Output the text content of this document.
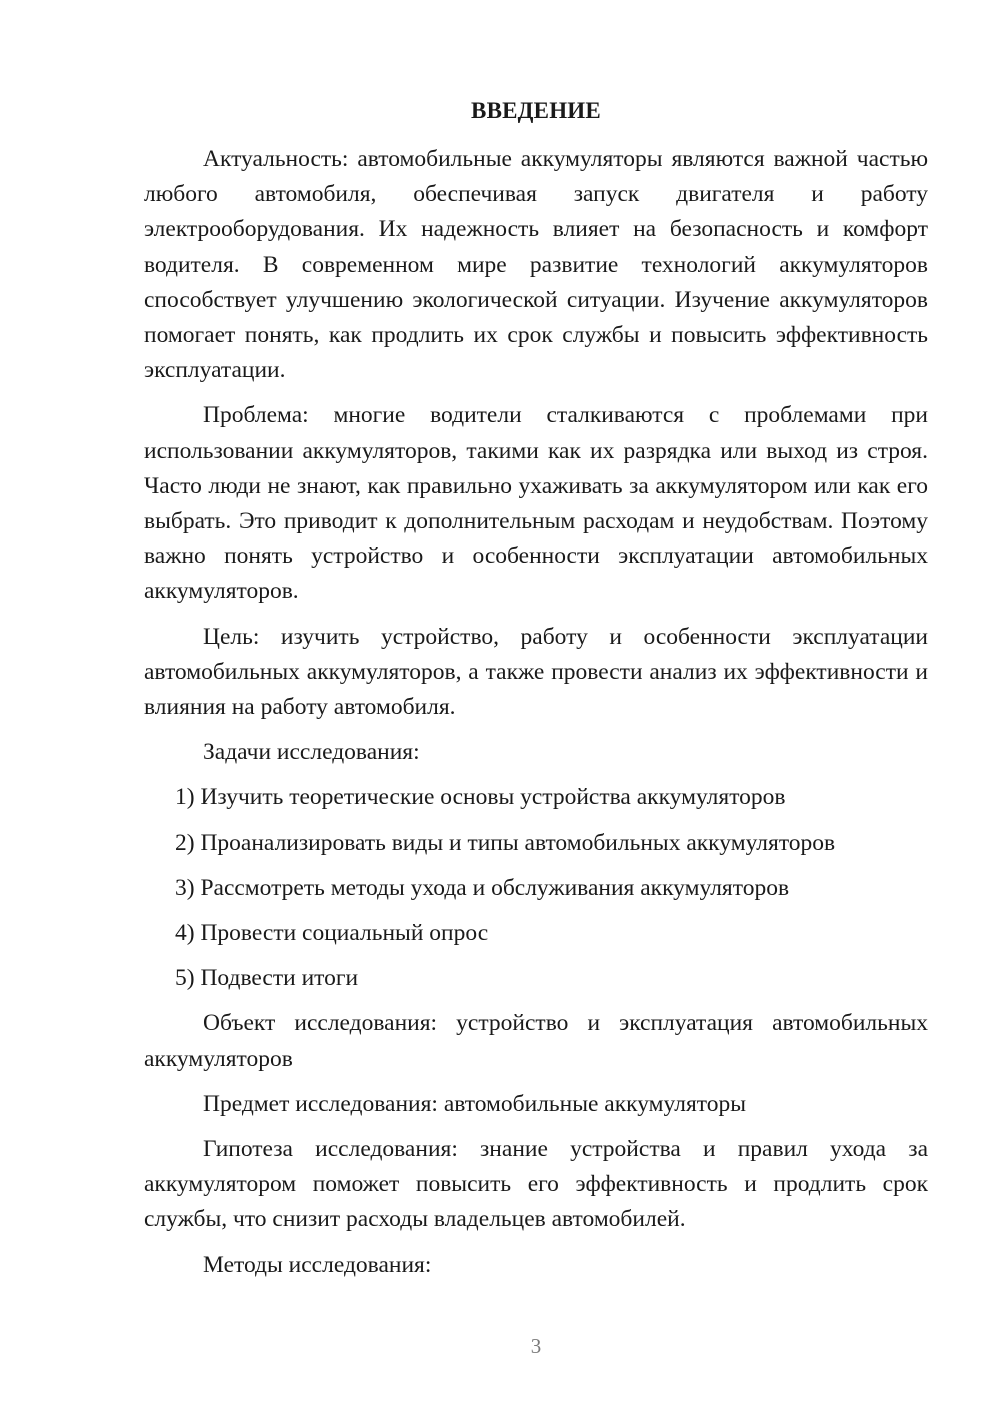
ВВЕДЕНИЕ

Актуальность: автомобильные аккумуляторы являются важной частью любого автомобиля, обеспечивая запуск двигателя и работу электрооборудования. Их надежность влияет на безопасность и комфорт водителя. В современном мире развитие технологий аккумуляторов способствует улучшению экологической ситуации. Изучение аккумуляторов помогает понять, как продлить их срок службы и повысить эффективность эксплуатации.

Проблема: многие водители сталкиваются с проблемами при использовании аккумуляторов, такими как их разрядка или выход из строя. Часто люди не знают, как правильно ухаживать за аккумулятором или как его выбрать. Это приводит к дополнительным расходам и неудобствам. Поэтому важно понять устройство и особенности эксплуатации автомобильных аккумуляторов.

Цель: изучить устройство, работу и особенности эксплуатации автомобильных аккумуляторов, а также провести анализ их эффективности и влияния на работу автомобиля.

Задачи исследования:

1) Изучить теоретические основы устройства аккумуляторов

2) Проанализировать виды и типы автомобильных аккумуляторов

3) Рассмотреть методы ухода и обслуживания аккумуляторов

4) Провести социальный опрос

5) Подвести итоги

Объект исследования: устройство и эксплуатация автомобильных аккумуляторов

Предмет исследования: автомобильные аккумуляторы

Гипотеза исследования: знание устройства и правил ухода за аккумулятором поможет повысить его эффективность и продлить срок службы, что снизит расходы владельцев автомобилей.

Методы исследования:

3
